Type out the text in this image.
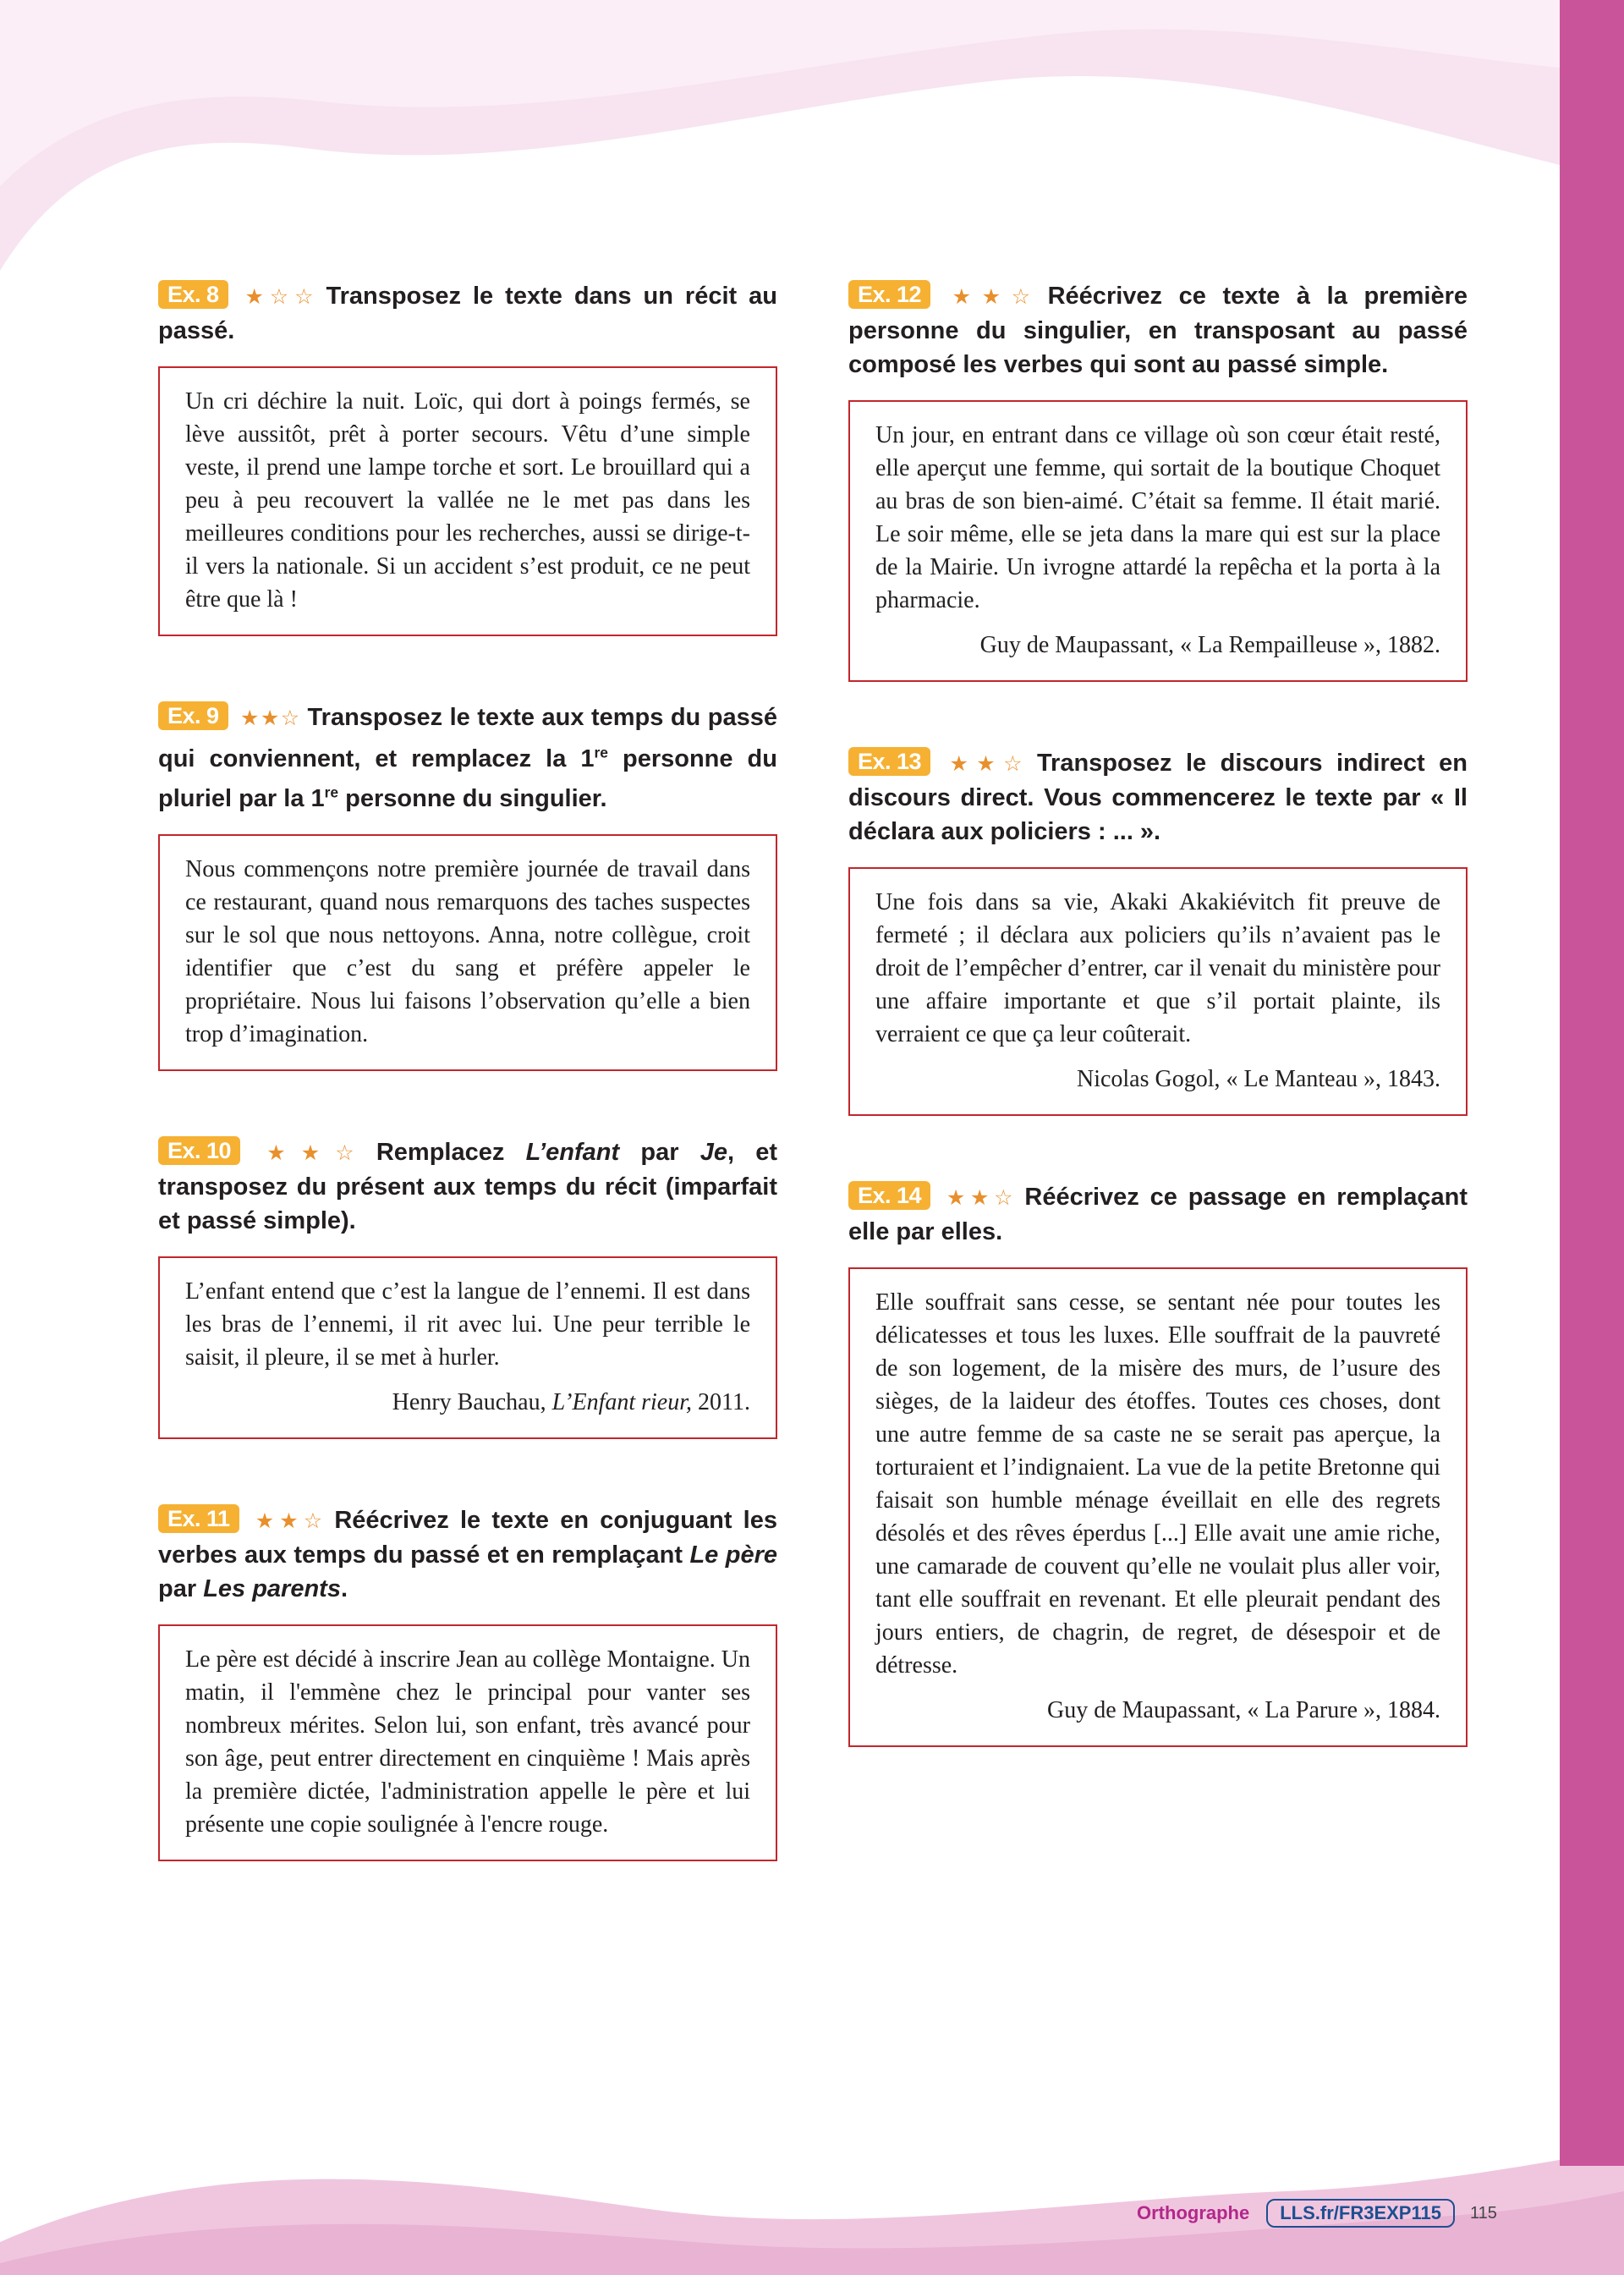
Ex. 8 ★☆☆ Transposez le texte dans un récit au passé.
Un cri déchire la nuit. Loïc, qui dort à poings fermés, se lève aussitôt, prêt à porter secours. Vêtu d’une simple veste, il prend une lampe torche et sort. Le brouillard qui a peu à peu recouvert la vallée ne le met pas dans les meilleures conditions pour les recherches, aussi se dirige-t-il vers la nationale. Si un accident s’est produit, ce ne peut être que là !
Ex. 9 ★★☆ Transposez le texte aux temps du passé qui conviennent, et remplacez la 1re personne du pluriel par la 1re personne du singulier.
Nous commençons notre première journée de travail dans ce restaurant, quand nous remarquons des taches suspectes sur le sol que nous nettoyons. Anna, notre collègue, croit identifier que c’est du sang et préfère appeler le propriétaire. Nous lui faisons l’observation qu’elle a bien trop d’imagination.
Ex. 10 ★★☆ Remplacez L’enfant par Je, et transposez du présent aux temps du récit (imparfait et passé simple).
L’enfant entend que c’est la langue de l’ennemi. Il est dans les bras de l’ennemi, il rit avec lui. Une peur terrible le saisit, il pleure, il se met à hurler.
Henry Bauchau, L’Enfant rieur, 2011.
Ex. 11 ★★☆ Réécrivez le texte en conjuguant les verbes aux temps du passé et en remplaçant Le père par Les parents.
Le père est décidé à inscrire Jean au collège Montaigne. Un matin, il l'emmène chez le principal pour vanter ses nombreux mérites. Selon lui, son enfant, très avancé pour son âge, peut entrer directement en cinquième ! Mais après la première dictée, l'administration appelle le père et lui présente une copie soulignée à l'encre rouge.
Ex. 12 ★★☆ Réécrivez ce texte à la première personne du singulier, en transposant au passé composé les verbes qui sont au passé simple.
Un jour, en entrant dans ce village où son cœur était resté, elle aperçut une femme, qui sortait de la boutique Choquet au bras de son bien-aimé. C’était sa femme. Il était marié. Le soir même, elle se jeta dans la mare qui est sur la place de la Mairie. Un ivrogne attardé la repêcha et la porta à la pharmacie.
Guy de Maupassant, « La Rempailleuse », 1882.
Ex. 13 ★★☆ Transposez le discours indirect en discours direct. Vous commencerez le texte par « Il déclara aux policiers : ... ».
Une fois dans sa vie, Akaki Akakiévitch fit preuve de fermeté ; il déclara aux policiers qu’ils n’avaient pas le droit de l’empêcher d’entrer, car il venait du ministère pour une affaire importante et que s’il portait plainte, ils verraient ce que ça leur coûterait.
Nicolas Gogol, « Le Manteau », 1843.
Ex. 14 ★★☆ Réécrivez ce passage en remplaçant elle par elles.
Elle souffrait sans cesse, se sentant née pour toutes les délicatesses et tous les luxes. Elle souffrait de la pauvreté de son logement, de la misère des murs, de l’usure des sièges, de la laideur des étoffes. Toutes ces choses, dont une autre femme de sa caste ne se serait pas aperçue, la torturaient et l’indignaient. La vue de la petite Bretonne qui faisait son humble ménage éveillait en elle des regrets désolés et des rêves éperdus [...] Elle avait une amie riche, une camarade de couvent qu’elle ne voulait plus aller voir, tant elle souffrait en revenant. Et elle pleurait pendant des jours entiers, de chagrin, de regret, de désespoir et de détresse.
Guy de Maupassant, « La Parure », 1884.
Orthographe	LLS.fr/FR3EXP115	115
